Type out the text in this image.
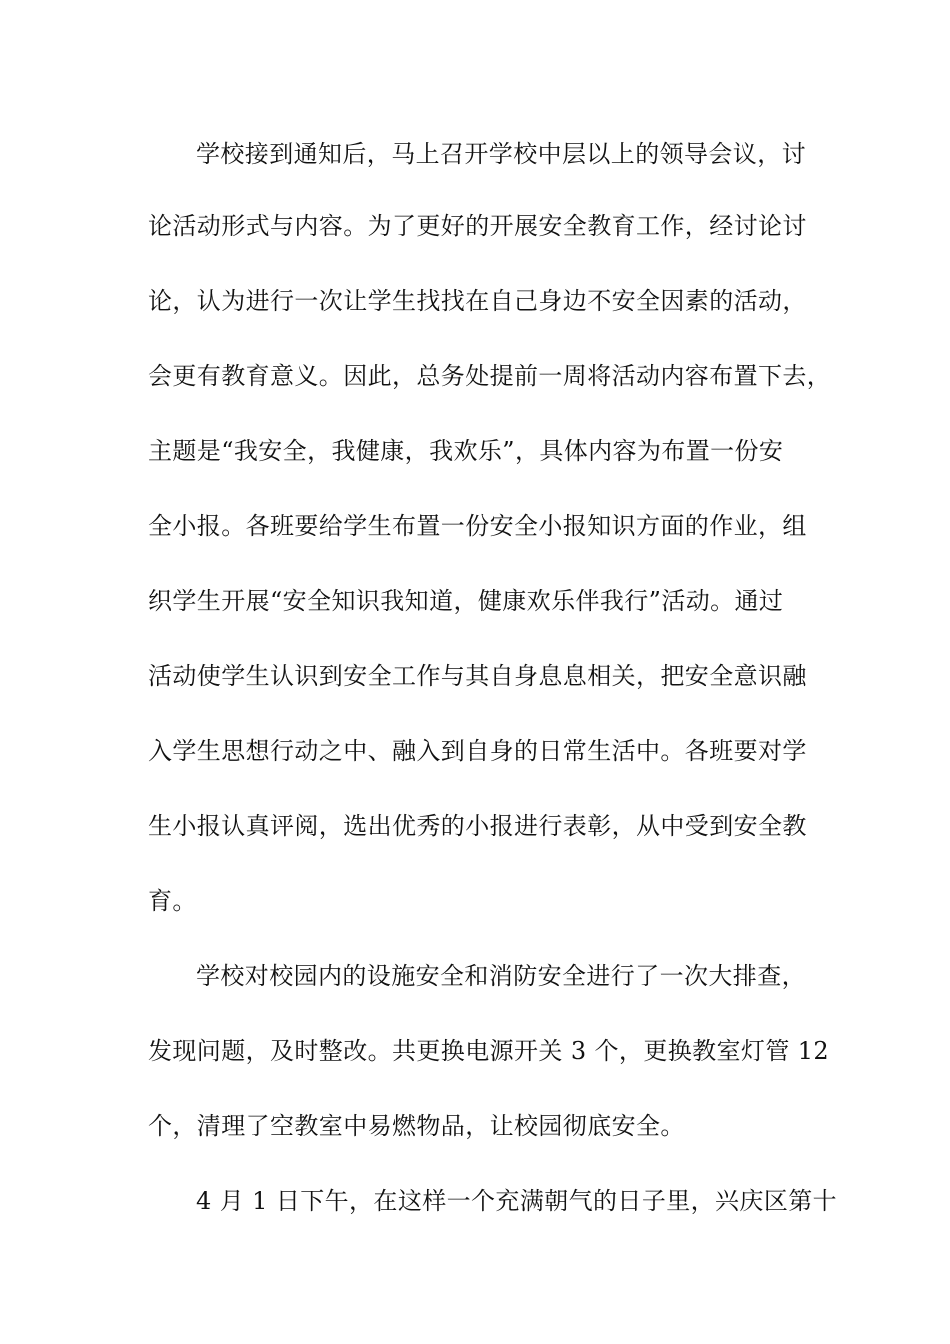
学校接到通知后，马上召开学校中层以上的领导会议，讨
论活动形式与内容。为了更好的开展安全教育工作，经讨论讨
论，认为进行一次让学生找找在自己身边不安全因素的活动，
会更有教育意义。因此，总务处提前一周将活动内容布置下去，
主题是“我安全，我健康，我欢乐”，具体内容为布置一份安
全小报。各班要给学生布置一份安全小报知识方面的作业，组
织学生开展“安全知识我知道，健康欢乐伴我行”活动。通过
活动使学生认识到安全工作与其自身息息相关，把安全意识融
入学生思想行动之中、融入到自身的日常生活中。各班要对学
生小报认真评阅，选出优秀的小报进行表彰，从中受到安全教
育。
学校对校园内的设施安全和消防安全进行了一次大排查，
发现问题，及时整改。共更换电源开关 3 个，更换教室灯管 12
个，清理了空教室中易燃物品，让校园彻底安全。
4 月 1 日下午，在这样一个充满朝气的日子里，兴庆区第十
